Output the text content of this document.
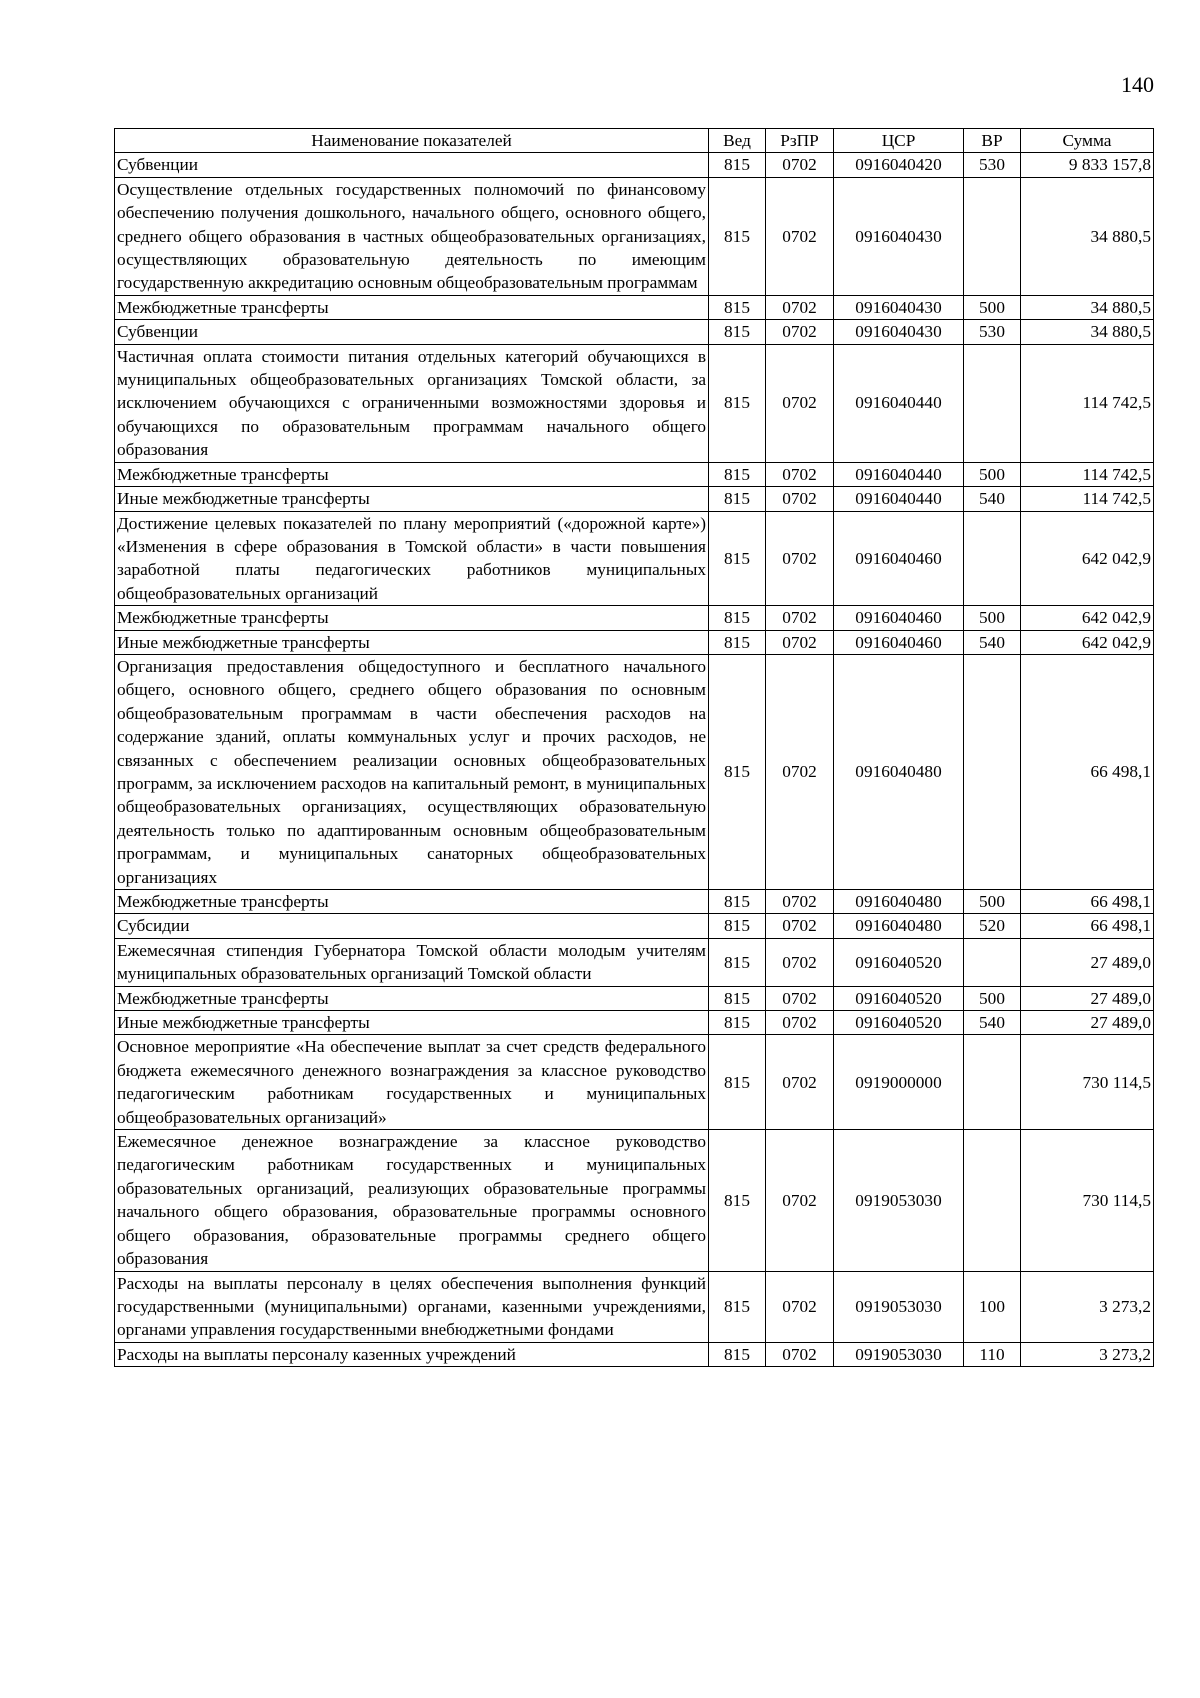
140
Наименование показателей	Вед	РзПР	ЦСР	ВР	Сумма
Субвенции	815	0702	0916040420	530	9 833 157,8
Осуществление отдельных государственных полномочий по финансовому обеспечению получения дошкольного, начального общего, основного общего, среднего общего образования в частных общеобразовательных организациях, осуществляющих образовательную деятельность по имеющим государственную аккредитацию основным общеобразовательным программам	815	0702	0916040430		34 880,5
Межбюджетные трансферты	815	0702	0916040430	500	34 880,5
Субвенции	815	0702	0916040430	530	34 880,5
Частичная оплата стоимости питания отдельных категорий обучающихся в муниципальных общеобразовательных организациях Томской области, за исключением обучающихся с ограниченными возможностями здоровья и обучающихся по образовательным программам начального общего образования	815	0702	0916040440		114 742,5
Межбюджетные трансферты	815	0702	0916040440	500	114 742,5
Иные межбюджетные трансферты	815	0702	0916040440	540	114 742,5
Достижение целевых показателей по плану мероприятий («дорожной карте») «Изменения в сфере образования в Томской области» в части повышения заработной платы педагогических работников муниципальных общеобразовательных организаций	815	0702	0916040460		642 042,9
Межбюджетные трансферты	815	0702	0916040460	500	642 042,9
Иные межбюджетные трансферты	815	0702	0916040460	540	642 042,9
Организация предоставления общедоступного и бесплатного начального общего, основного общего, среднего общего образования по основным общеобразовательным программам в части обеспечения расходов на содержание зданий, оплаты коммунальных услуг и прочих расходов, не связанных с обеспечением реализации основных общеобразовательных программ, за исключением расходов на капитальный ремонт, в муниципальных общеобразовательных организациях, осуществляющих образовательную деятельность только по адаптированным основным общеобразовательным программам, и муниципальных санаторных общеобразовательных организациях	815	0702	0916040480		66 498,1
Межбюджетные трансферты	815	0702	0916040480	500	66 498,1
Субсидии	815	0702	0916040480	520	66 498,1
Ежемесячная стипендия Губернатора Томской области молодым учителям муниципальных образовательных организаций Томской области	815	0702	0916040520		27 489,0
Межбюджетные трансферты	815	0702	0916040520	500	27 489,0
Иные межбюджетные трансферты	815	0702	0916040520	540	27 489,0
Основное мероприятие «На обеспечение выплат за счет средств федерального бюджета ежемесячного денежного вознаграждения за классное руководство педагогическим работникам государственных и муниципальных общеобразовательных организаций»	815	0702	0919000000		730 114,5
Ежемесячное денежное вознаграждение за классное руководство педагогическим работникам государственных и муниципальных образовательных организаций, реализующих образовательные программы начального общего образования, образовательные программы основного общего образования, образовательные программы среднего общего образования	815	0702	0919053030		730 114,5
Расходы на выплаты персоналу в целях обеспечения выполнения функций государственными (муниципальными) органами, казенными учреждениями, органами управления государственными внебюджетными фондами	815	0702	0919053030	100	3 273,2
Расходы на выплаты персоналу казенных учреждений	815	0702	0919053030	110	3 273,2
